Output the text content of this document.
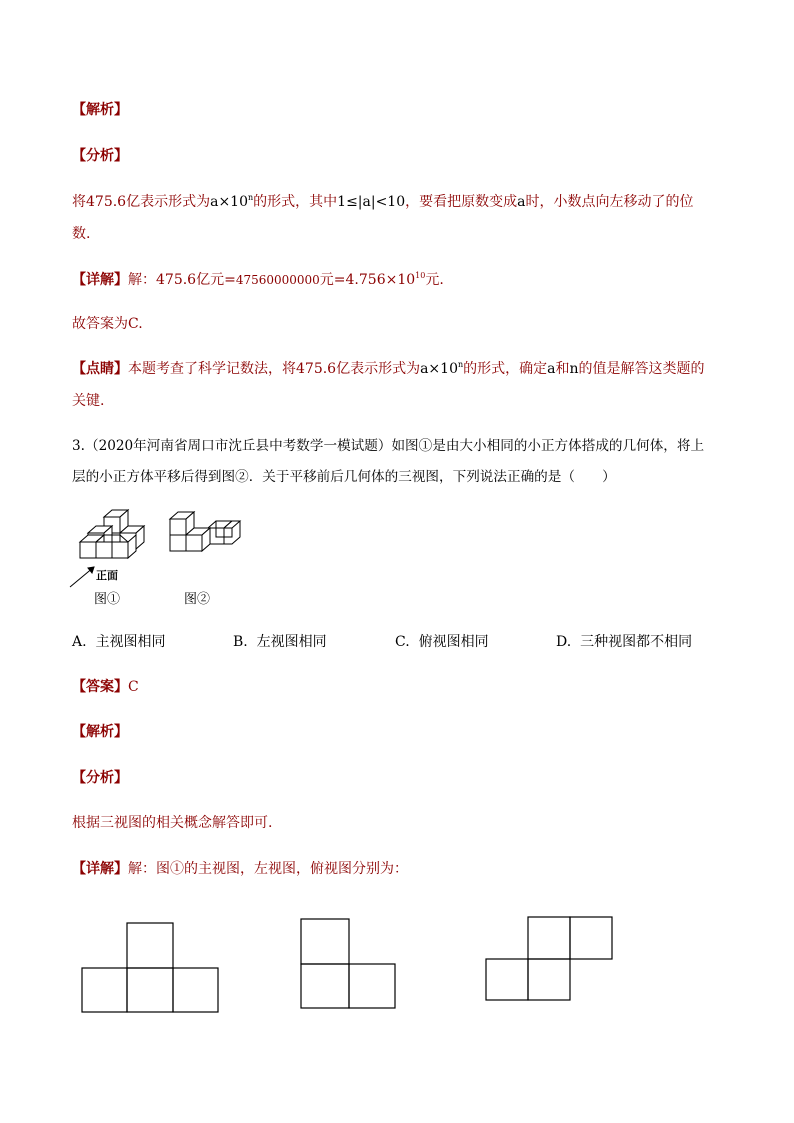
【解析】
【分析】
将475.6亿表示形式为$a\times 10^n$的形式，其中1≤|a|<10，要看把原数变成a时，小数点向左移动了的位
数.
【详解】解：475.6亿元=47560000000元$=4.756\times 10^{10}$元.
故答案为C.
【点睛】本题考查了科学记数法，将475.6亿表示形式为$a\times 10^n$的形式，确定a和n的值是解答这类题的
关键.
3.（2020年河南省周口市沈丘县中考数学一模试题）如图①是由大小相同的小正方体搭成的几何体，将上
层的小正方体平移后得到图②．关于平移前后几何体的三视图，下列说法正确的是（　　）
正面
图①	图②
A. 主视图相同	B. 左视图相同	C. 俯视图相同	D. 三种视图都不相同
【答案】C
【解析】
【分析】
根据三视图的相关概念解答即可.
【详解】解：图①的主视图，左视图，俯视图分别为：
